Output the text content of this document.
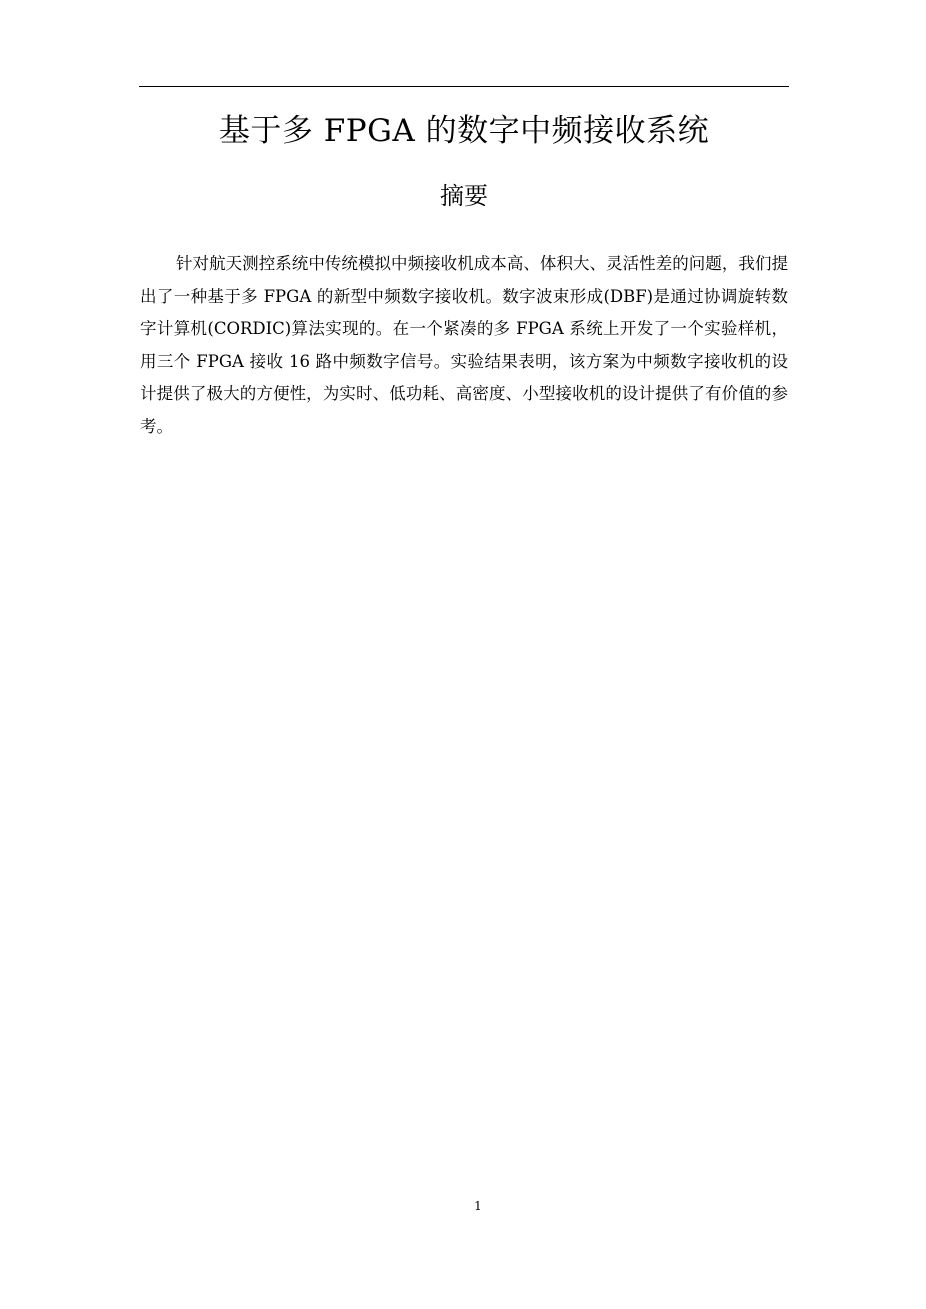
基于多 FPGA 的数字中频接收系统
摘要

针对航天测控系统中传统模拟中频接收机成本高、体积大、灵活性差的问题，我们提出了一种基于多 FPGA 的新型中频数字接收机。数字波束形成(DBF)是通过协调旋转数字计算机(CORDIC)算法实现的。在一个紧凑的多 FPGA 系统上开发了一个实验样机，用三个 FPGA 接收 16 路中频数字信号。实验结果表明，该方案为中频数字接收机的设计提供了极大的方便性，为实时、低功耗、高密度、小型接收机的设计提供了有价值的参考。

1
